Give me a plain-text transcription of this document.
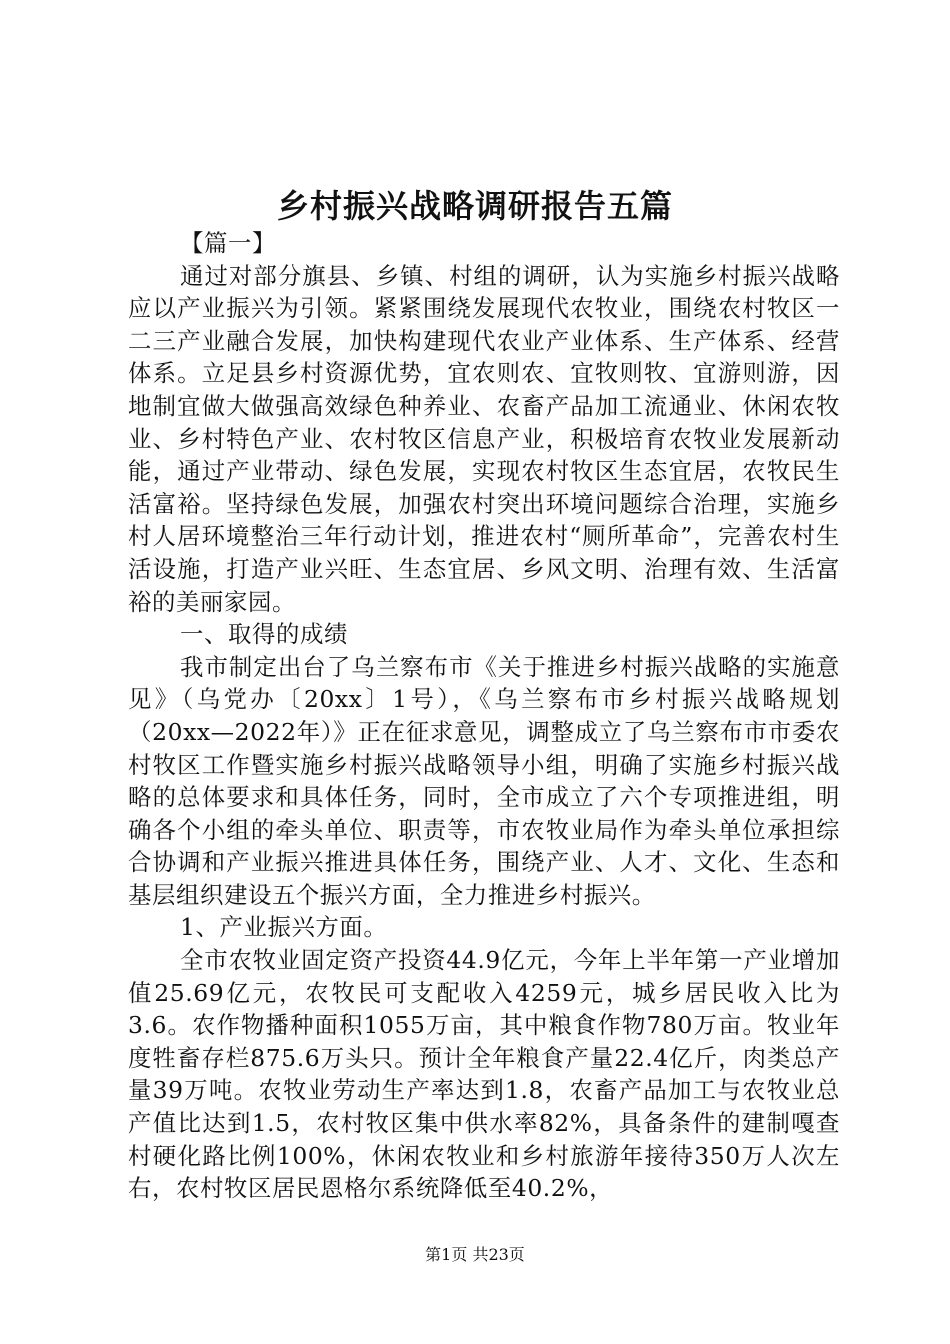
乡村振兴战略调研报告五篇

【篇一】

通过对部分旗县、乡镇、村组的调研，认为实施乡村振兴战略应以产业振兴为引领。紧紧围绕发展现代农牧业，围绕农村牧区一二三产业融合发展，加快构建现代农业产业体系、生产体系、经营体系。立足县乡村资源优势，宜农则农、宜牧则牧、宜游则游，因地制宜做大做强高效绿色种养业、农畜产品加工流通业、休闲农牧业、乡村特色产业、农村牧区信息产业，积极培育农牧业发展新动能，通过产业带动、绿色发展，实现农村牧区生态宜居，农牧民生活富裕。坚持绿色发展，加强农村突出环境问题综合治理，实施乡村人居环境整治三年行动计划，推进农村“厕所革命”，完善农村生活设施，打造产业兴旺、生态宜居、乡风文明、治理有效、生活富裕的美丽家园。

一、取得的成绩

我市制定出台了乌兰察布市《关于推进乡村振兴战略的实施意见》（乌党办〔20xx〕1号），《乌兰察布市乡村振兴战略规划（20xx—2022年）》正在征求意见，调整成立了乌兰察布市市委农村牧区工作暨实施乡村振兴战略领导小组，明确了实施乡村振兴战略的总体要求和具体任务，同时，全市成立了六个专项推进组，明确各个小组的牵头单位、职责等，市农牧业局作为牵头单位承担综合协调和产业振兴推进具体任务，围绕产业、人才、文化、生态和基层组织建设五个振兴方面，全力推进乡村振兴。

1、产业振兴方面。

全市农牧业固定资产投资44.9亿元，今年上半年第一产业增加值25.69亿元，农牧民可支配收入4259元，城乡居民收入比为3.6。农作物播种面积1055万亩，其中粮食作物780万亩。牧业年度牲畜存栏875.6万头只。预计全年粮食产量22.4亿斤，肉类总产量39万吨。农牧业劳动生产率达到1.8，农畜产品加工与农牧业总产值比达到1.5，农村牧区集中供水率82%，具备条件的建制嘎查村硬化路比例100%，休闲农牧业和乡村旅游年接待350万人次左右，农村牧区居民恩格尔系统降低至40.2%，

第1页 共23页
